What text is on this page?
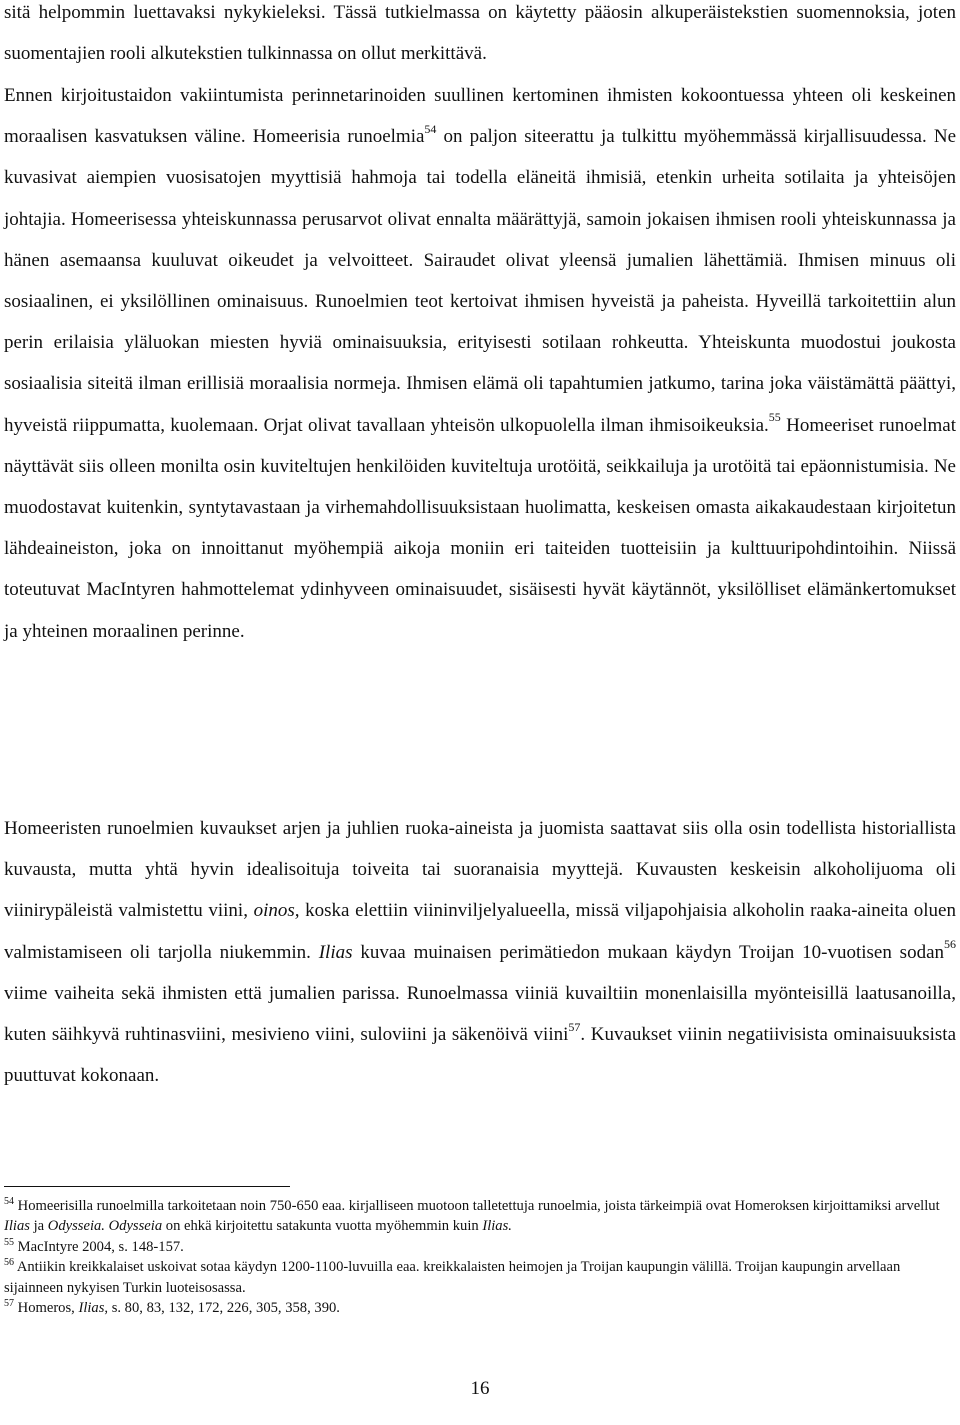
sitä helpommin luettavaksi nykykieleksi. Tässä tutkielmassa on käytetty pääosin alkuperäistekstien suomennoksia, joten suomentajien rooli alkutekstien tulkinnassa on ollut merkittävä.

Ennen kirjoitustaidon vakiintumista perinnetarinoiden suullinen kertominen ihmisten kokoontuessa yhteen oli keskeinen moraalisen kasvatuksen väline. Homeerisia runoelmia$^{54}$ on paljon siteerattu ja tulkittu myöhemmässä kirjallisuudessa. Ne kuvasivat aiempien vuosisatojen myyttisiä hahmoja tai todella eläneitä ihmisiä, etenkin urheita sotilaita ja yhteisöjen johtajia. Homeerisessa yhteiskunnassa perusarvot olivat ennalta määrättyjä, samoin jokaisen ihmisen rooli yhteiskunnassa ja hänen asemaansa kuuluvat oikeudet ja velvoitteet. Sairaudet olivat yleensä jumalien lähettämiä. Ihmisen minuus oli sosiaalinen, ei yksilöllinen ominaisuus. Runoelmien teot kertoivat ihmisen hyveistä ja paheista. Hyveillä tarkoitettiin alun perin erilaisia yläluokan miesten hyviä ominaisuuksia, erityisesti sotilaan rohkeutta. Yhteiskunta muodostui joukosta sosiaalisia siteitä ilman erillisiä moraalisia normeja. Ihmisen elämä oli tapahtumien jatkumo, tarina joka väistämättä päättyi, hyveistä riippumatta, kuolemaan. Orjat olivat tavallaan yhteisön ulkopuolella ilman ihmisoikeuksia.$^{55}$ Homeeriset runoelmat näyttävät siis olleen monilta osin kuviteltujen henkilöiden kuviteltuja urotöitä, seikkailuja ja urotöitä tai epäonnistumisia. Ne muodostavat kuitenkin, syntytavastaan ja virhemahdollisuuksistaan huolimatta, keskeisen omasta aikakaudestaan kirjoitetun lähdeaineiston, joka on innoittanut myöhempiä aikoja moniin eri taiteiden tuotteisiin ja kulttuuripohdintoihin. Niissä toteutuvat MacIntyren hahmottelemat ydinhyveen ominaisuudet, sisäisesti hyvät käytännöt, yksilölliset elämänkertomukset ja yhteinen moraalinen perinne.

Homeeristen runoelmien kuvaukset arjen ja juhlien ruoka-aineista ja juomista saattavat siis olla osin todellista historiallista kuvausta, mutta yhtä hyvin idealisoituja toiveita tai suoranaisia myyttejä. Kuvausten keskeisin alkoholijuoma oli viinirypäleistä valmistettu viini, oinos, koska elettiin viininviljelyalueella, missä viljapohjaisia alkoholin raaka-aineita oluen valmistamiseen oli tarjolla niukemmin. Ilias kuvaa muinaisen perimätiedon mukaan käydyn Troijan 10-vuotisen sodan$^{56}$ viime vaiheita sekä ihmisten että jumalien parissa. Runoelmassa viiniä kuvailtiin monenlaisilla myönteisillä laatusanoilla, kuten säihkyvä ruhtinasviini, mesivieno viini, suloviini ja säkenöivä viini$^{57}$. Kuvaukset viinin negatiivisista ominaisuuksista puuttuvat kokonaan.

$^{54}$ Homeerisilla runoelmilla tarkoitetaan noin 750-650 eaa. kirjalliseen muotoon talletettuja runoelmia, joista tärkeimpiä ovat Homeroksen kirjoittamiksi arvellut Ilias ja Odysseia. Odysseia on ehkä kirjoitettu satakunta vuotta myöhemmin kuin Ilias.

$^{55}$ MacIntyre 2004, s. 148-157.

$^{56}$ Antiikin kreikkalaiset uskoivat sotaa käydyn 1200-1100-luvuilla eaa. kreikkalaisten heimojen ja Troijan kaupungin välillä. Troijan kaupungin arvellaan sijainneen nykyisen Turkin luoteisosassa.

$^{57}$ Homeros, Ilias, s. 80, 83, 132, 172, 226, 305, 358, 390.

16
